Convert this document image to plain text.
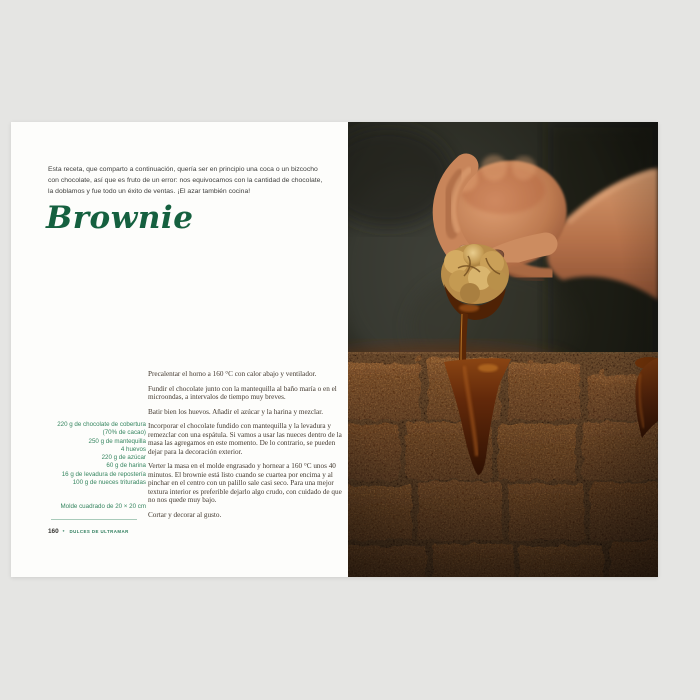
Esta receta, que comparto a continuación, quería ser en principio una coca o un bizcocho
con chocolate, así que es fruto de un error: nos equivocamos con la cantidad de chocolate,
la doblamos y fue todo un éxito de ventas. ¡El azar también cocina!
Brownie
220 g de chocolate de cobertura
(70% de cacao)
250 g de mantequilla
4 huevos
220 g de azúcar
60 g de harina
16 g de levadura de repostería
100 g de nueces trituradas
Molde cuadrado de 20 × 20 cm

Precalentar el horno a 160 °C con calor abajo y ventilador.

Fundir el chocolate junto con la mantequilla al baño maría o en el microondas, a intervalos de tiempo muy breves.

Batir bien los huevos. Añadir el azúcar y la harina y mezclar.

Incorporar el chocolate fundido con mantequilla y la levadura y remezclar con una espátula. Si vamos a usar las nueces dentro de la masa las agregamos en este momento. De lo contrario, se pueden dejar para la decoración exterior.

Verter la masa en el molde engrasado y hornear a 160 °C unos 40 minutos. El brownie está listo cuando se cuartea por encima y al pinchar en el centro con un palillo sale casi seco. Para una mejor textura interior es preferible dejarlo algo crudo, con cuidado de que no nos quede muy bajo.

Cortar y decorar al gusto.

160 * DULCES DE ULTRAMAR
